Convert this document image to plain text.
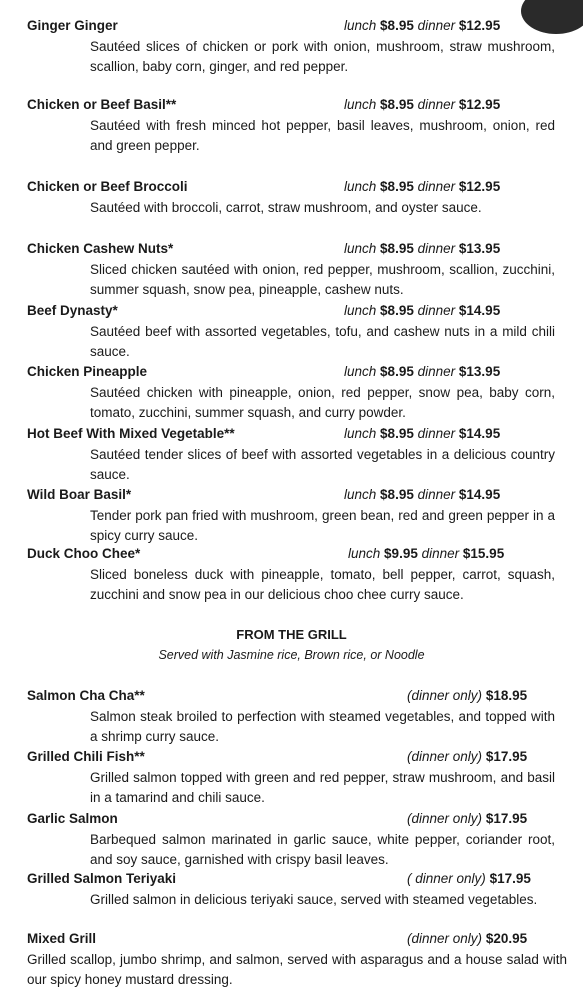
Ginger Ginger	lunch $8.95 dinner $12.95
Sautéed slices of chicken or pork with onion, mushroom, straw mushroom, scallion, baby corn, ginger, and red pepper.
Chicken or Beef Basil**	lunch $8.95 dinner $12.95
Sautéed with fresh minced hot pepper, basil leaves, mushroom, onion, red and green pepper.
Chicken or Beef Broccoli	lunch $8.95 dinner $12.95
Sautéed with broccoli, carrot, straw mushroom, and oyster sauce.
Chicken Cashew Nuts*	lunch $8.95 dinner $13.95
Sliced chicken sautéed with onion, red pepper, mushroom, scallion, zucchini, summer squash, snow pea, pineapple, cashew nuts.
Beef Dynasty*	lunch $8.95 dinner $14.95
Sautéed beef with assorted vegetables, tofu, and cashew nuts in a mild chili sauce.
Chicken Pineapple	lunch $8.95 dinner $13.95
Sautéed chicken with pineapple, onion, red pepper, snow pea, baby corn, tomato, zucchini, summer squash, and curry powder.
Hot Beef With Mixed Vegetable**	lunch $8.95 dinner $14.95
Sautéed tender slices of beef with assorted vegetables in a delicious country sauce.
Wild Boar Basil*	lunch $8.95 dinner $14.95
Tender pork pan fried with mushroom, green bean, red and green pepper in a spicy curry sauce.
Duck Choo Chee*	lunch $9.95 dinner $15.95
Sliced boneless duck with pineapple, tomato, bell pepper, carrot, squash, zucchini and snow pea in our delicious choo chee curry sauce.
FROM THE GRILL
Served with Jasmine rice, Brown rice, or Noodle
Salmon Cha Cha**	(dinner only) $18.95
Salmon steak broiled to perfection with steamed vegetables, and topped with a shrimp curry sauce.
Grilled Chili Fish**	(dinner only) $17.95
Grilled salmon topped with green and red pepper, straw mushroom, and basil in a tamarind and chili sauce.
Garlic Salmon	(dinner only) $17.95
Barbequed salmon marinated in garlic sauce, white pepper, coriander root, and soy sauce, garnished with crispy basil leaves.
Grilled Salmon Teriyaki	( dinner only) $17.95
Grilled salmon in delicious teriyaki sauce, served with steamed vegetables.
Mixed Grill	(dinner only) $20.95
Grilled scallop, jumbo shrimp, and salmon, served with asparagus and a house salad with our spicy honey mustard dressing.
